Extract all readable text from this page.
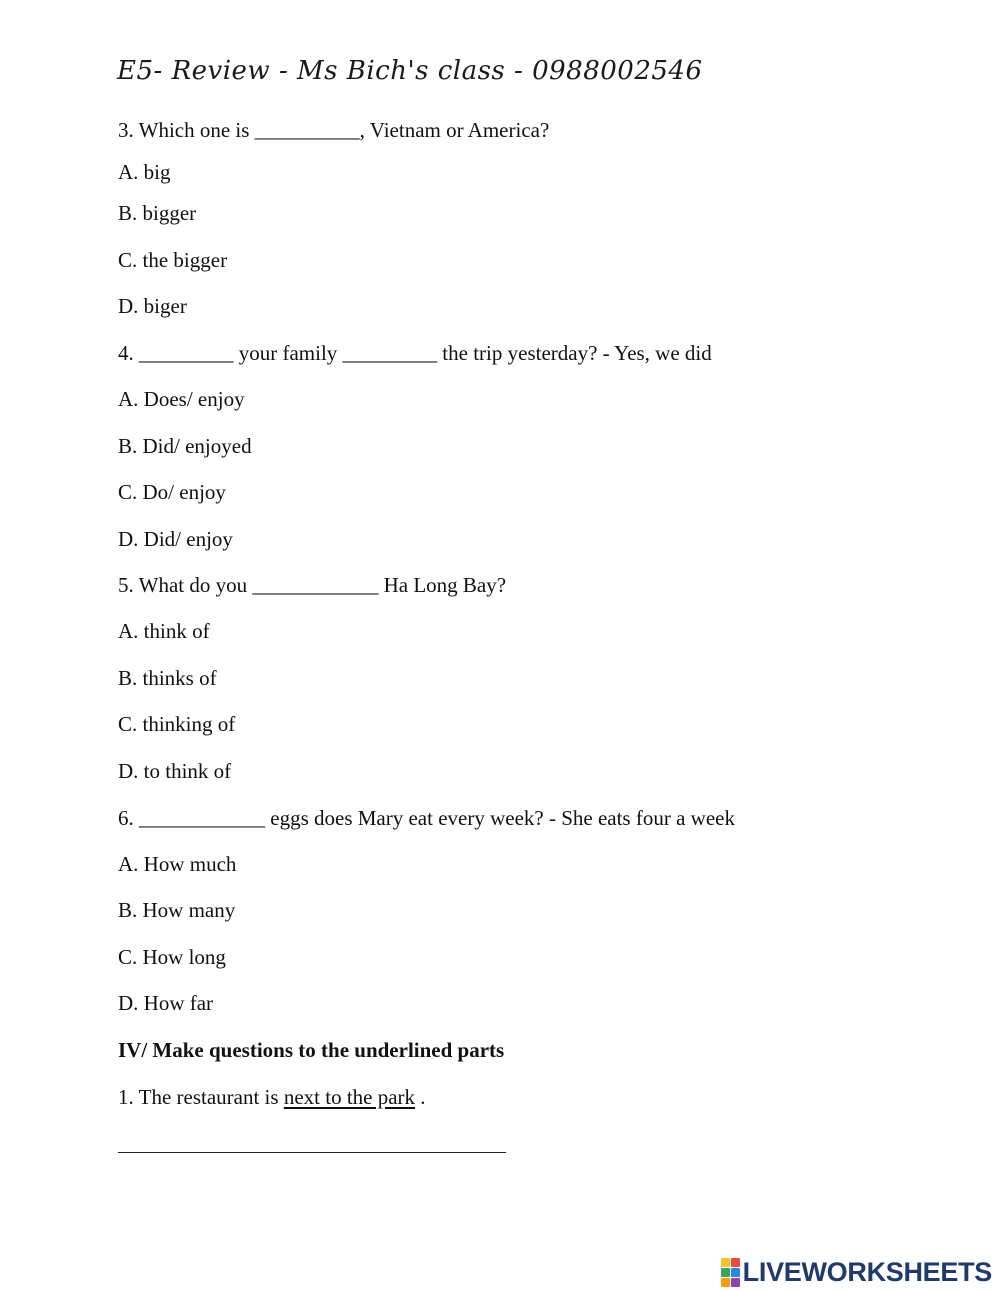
E5- Review - Ms Bich's class - 0988002546
3. Which one is __________, Vietnam or America?
A. big
B. bigger
C. the bigger
D. biger
4. _________ your family _________ the trip yesterday? - Yes, we did
A. Does/ enjoy
B. Did/ enjoyed
C. Do/ enjoy
D. Did/ enjoy
5. What do you ____________ Ha Long Bay?
A. think of
B. thinks of
C. thinking of
D. to think of
6. ____________ eggs does Mary eat every week? - She eats four a week
A. How much
B. How many
C. How long
D. How far
IV/ Make questions to the underlined parts
1. The restaurant is next to the park .
LIVEWORKSHEETS
